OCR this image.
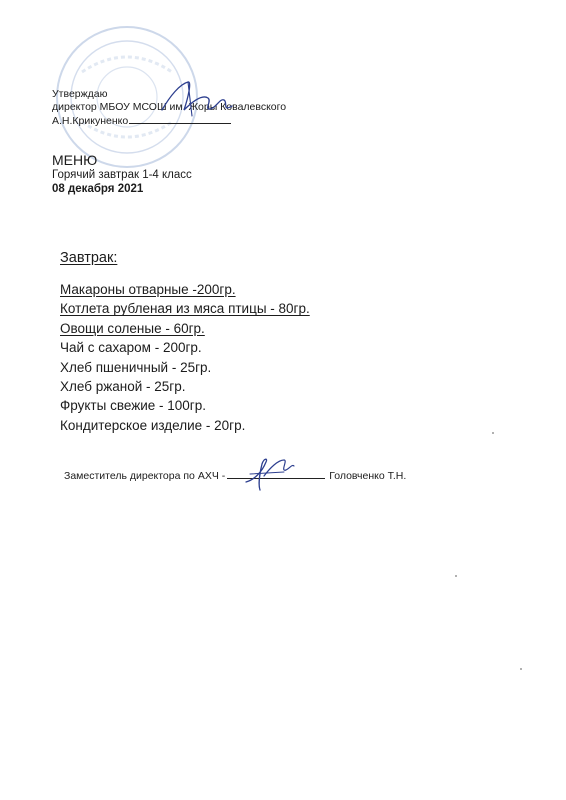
Утверждаю
директор МБОУ МСОШ им. Жоры Ковалевского
А.Н.Крикуненко
МЕНЮ
Горячий завтрак 1-4 класс
08 декабря 2021
Завтрак:
Макароны отварные -200гр.
Котлета рубленая из мяса птицы - 80гр.
Овощи соленые - 60гр.
Чай с сахаром - 200гр.
Хлеб пшеничный - 25гр.
Хлеб ржаной - 25гр.
Фрукты свежие - 100гр.
Кондитерское изделие - 20гр.
Заместитель директора по АХЧ -	Головченко Т.Н.
